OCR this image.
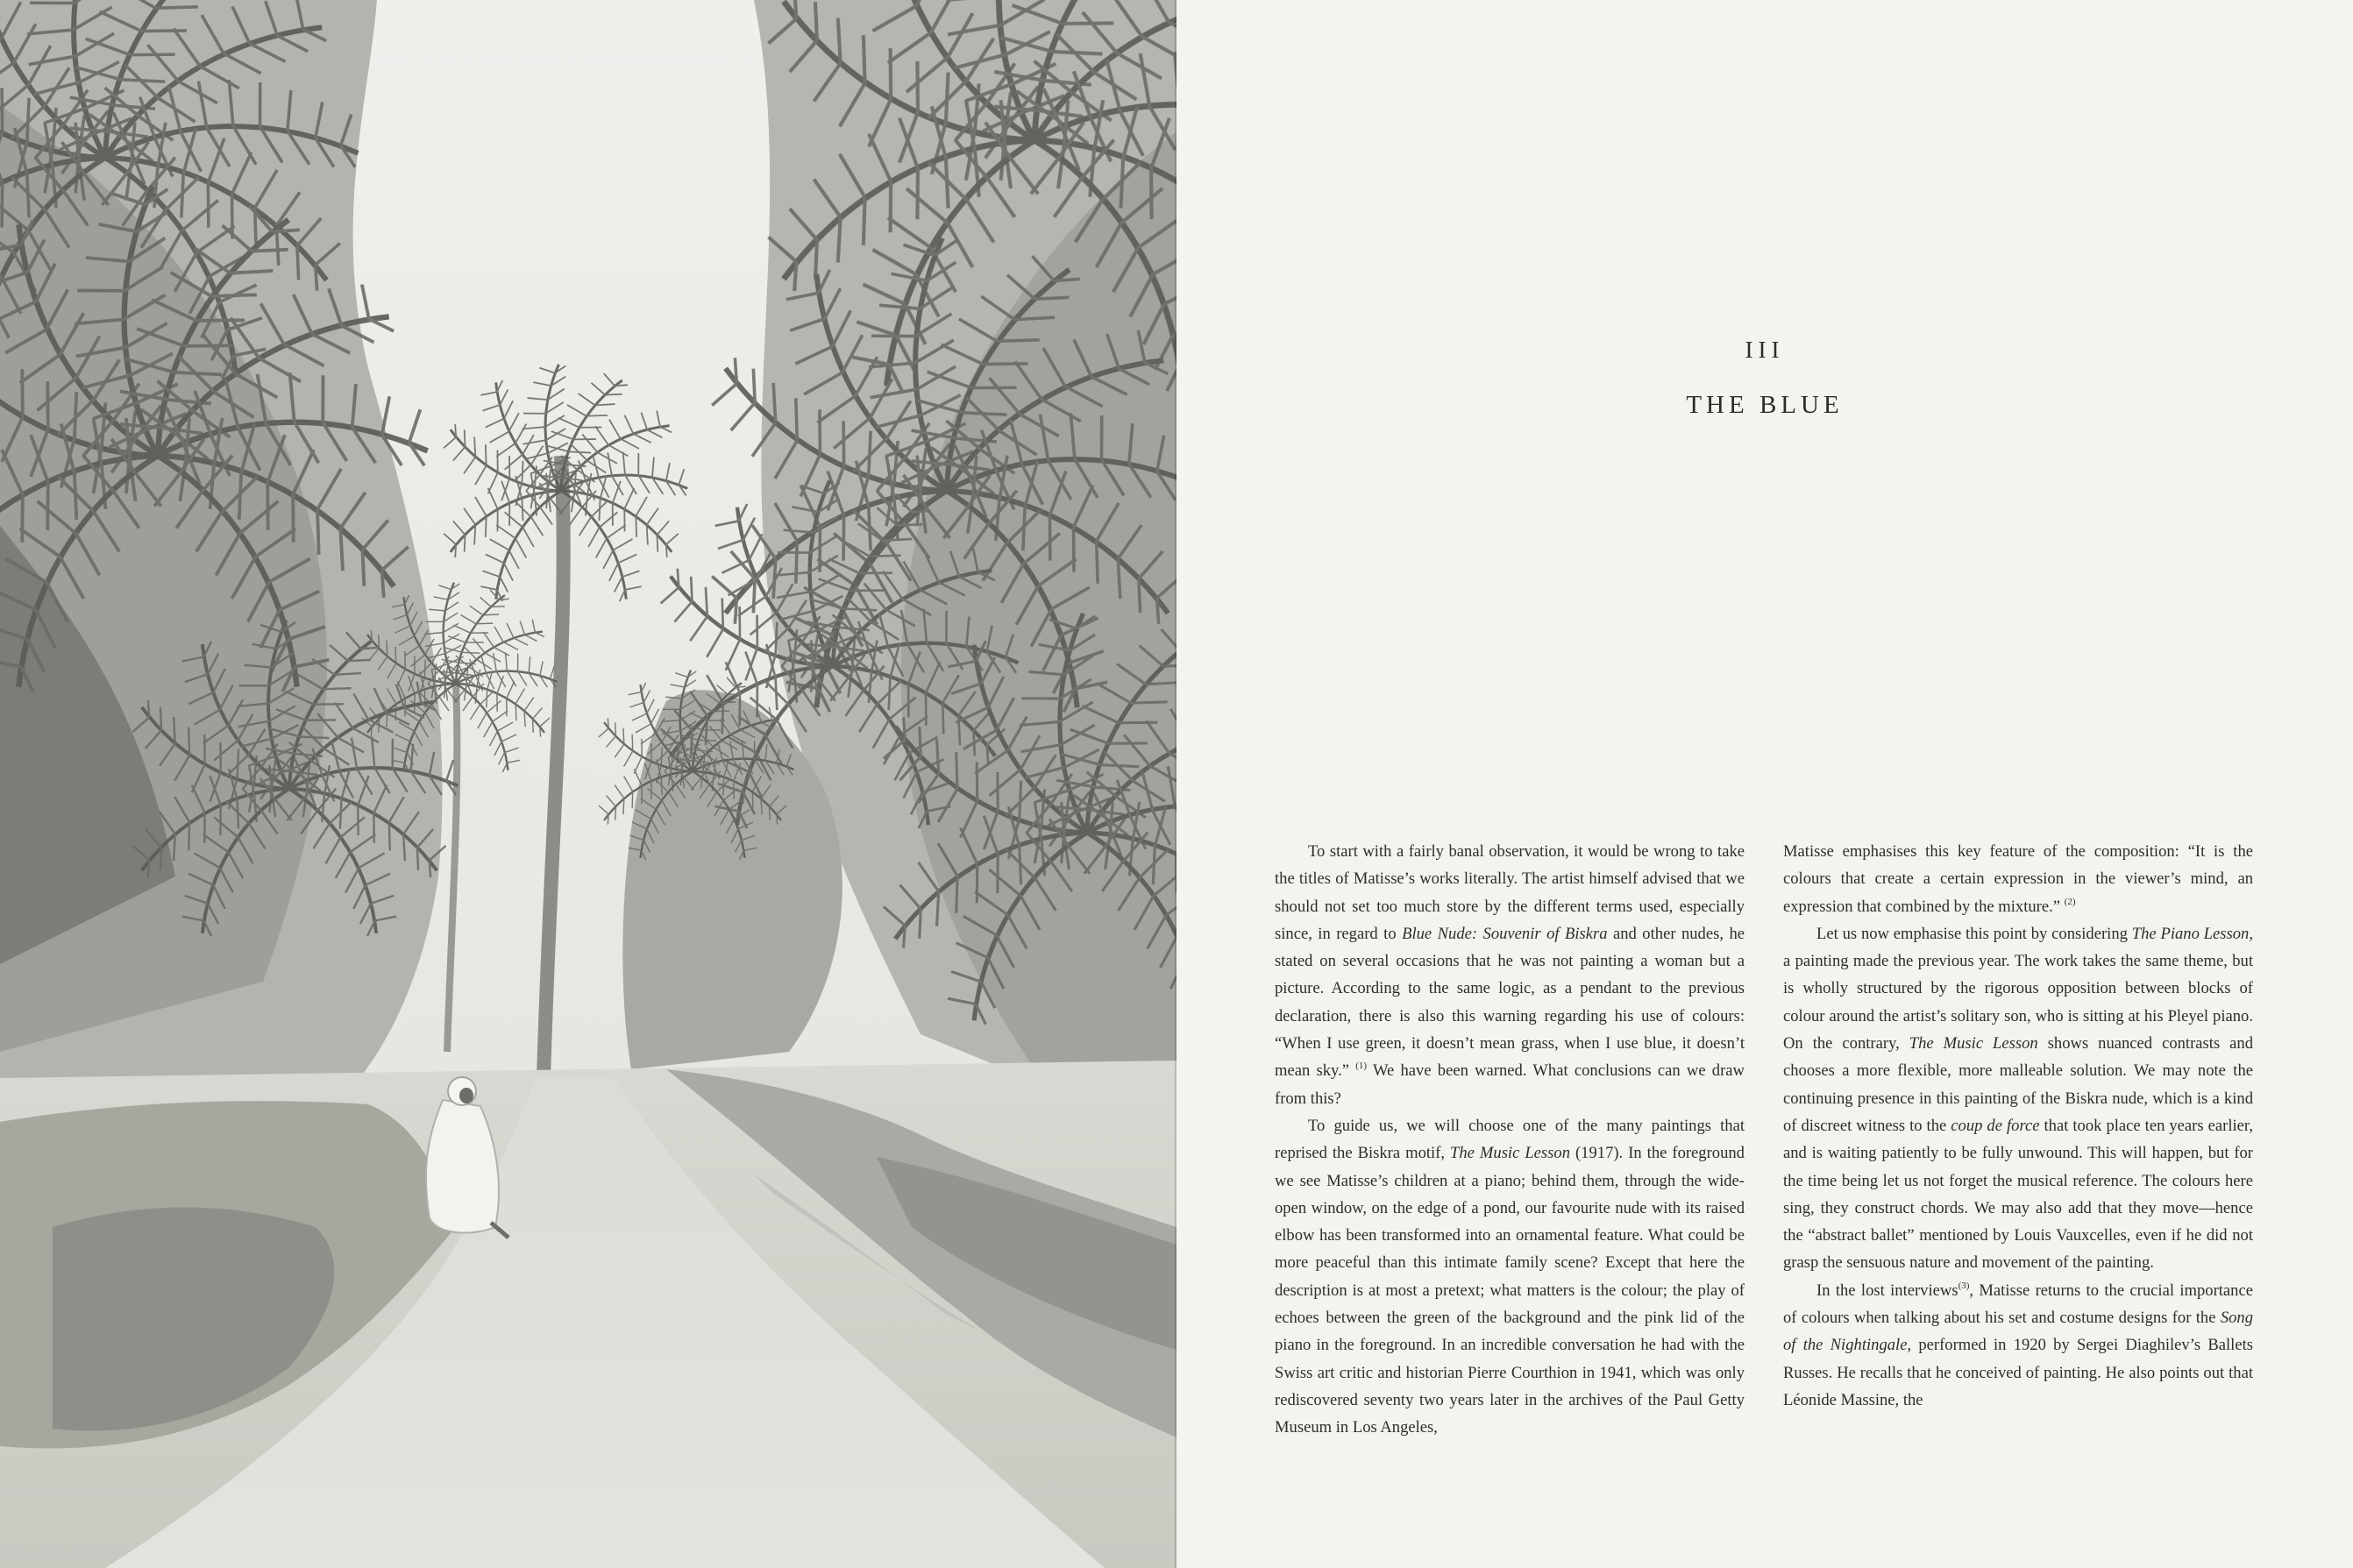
III
THE BLUE

To start with a fairly banal observation, it would be wrong to take the titles of Matisse’s works literally. The artist himself advised that we should not set too much store by the different terms used, especially since, in regard to Blue Nude: Souvenir of Biskra and other nudes, he stated on several occasions that he was not painting a woman but a picture. According to the same logic, as a pendant to the previous declaration, there is also this warning regarding his use of colours: “When I use green, it doesn’t mean grass, when I use blue, it doesn’t mean sky.” $^{(1)}$ We have been warned. What conclusions can we draw from this?

To guide us, we will choose one of the many paintings that reprised the Biskra motif, The Music Lesson (1917). In the foreground we see Matisse’s children at a piano; behind them, through the wide-open window, on the edge of a pond, our favourite nude with its raised elbow has been transformed into an ornamental feature. What could be more peaceful than this intimate family scene? Except that here the description is at most a pretext; what matters is the colour; the play of echoes between the green of the background and the pink lid of the piano in the foreground. In an incredible conversation he had with the Swiss art critic and historian Pierre Courthion in 1941, which was only rediscovered seventy two years later in the archives of the Paul Getty Museum in Los Angeles,

Matisse emphasises this key feature of the composition: “It is the colours that create a certain expression in the viewer’s mind, an expression that combined by the mixture.” $^{(2)}$

Let us now emphasise this point by considering The Piano Lesson, a painting made the previous year. The work takes the same theme, but is wholly structured by the rigorous opposition between blocks of colour around the artist’s solitary son, who is sitting at his Pleyel piano. On the contrary, The Music Lesson shows nuanced contrasts and chooses a more flexible, more malleable solution. We may note the continuing presence in this painting of the Biskra nude, which is a kind of discreet witness to the coup de force that took place ten years earlier, and is waiting patiently to be fully unwound. This will happen, but for the time being let us not forget the musical reference. The colours here sing, they construct chords. We may also add that they move—hence the “abstract ballet” mentioned by Louis Vauxcelles, even if he did not grasp the sensuous nature and movement of the painting.

In the lost interviews$^{(3)}$, Matisse returns to the crucial importance of colours when talking about his set and costume designs for the Song of the Nightingale, performed in 1920 by Sergei Diaghilev’s Ballets Russes. He recalls that he conceived of painting. He also points out that Léonide Massine, the
